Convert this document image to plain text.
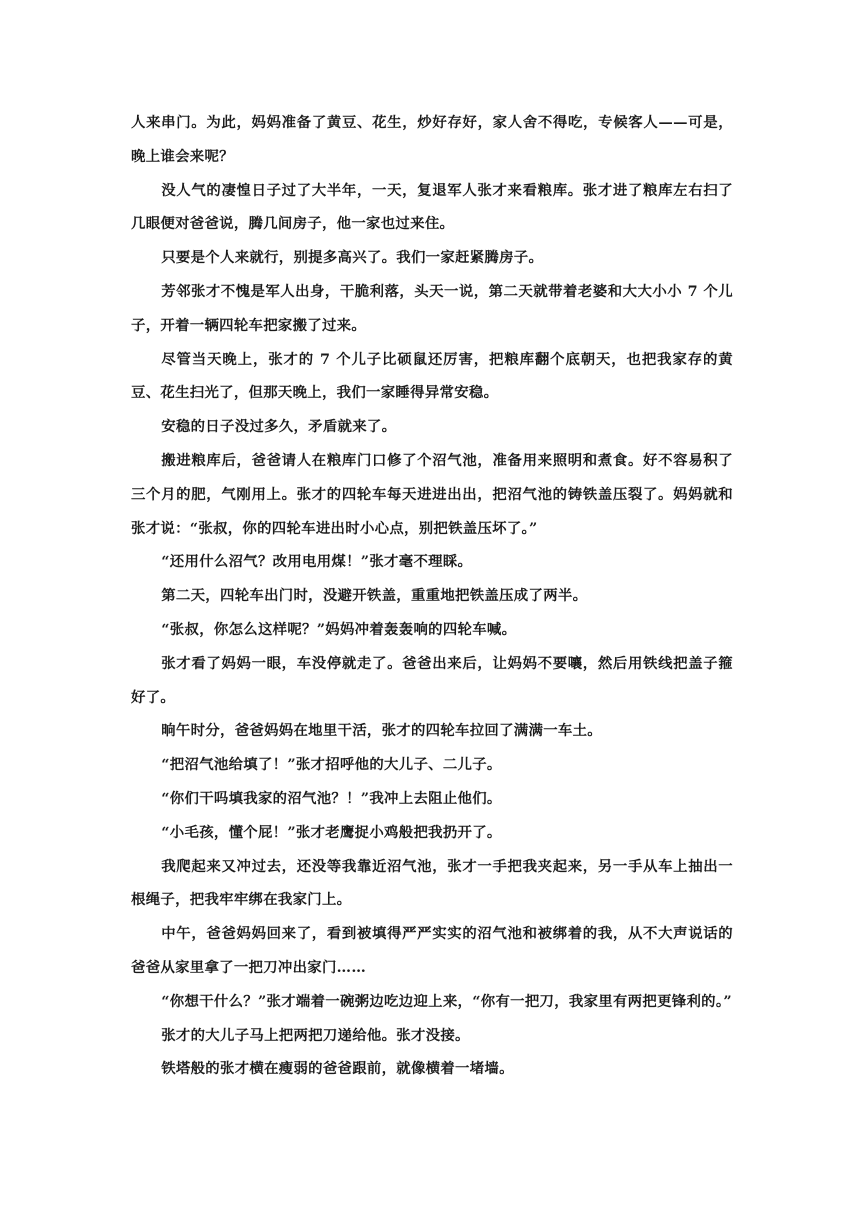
人来串门。为此，妈妈准备了黄豆、花生，炒好存好，家人舍不得吃，专候客人——可是，晚上谁会来呢？

没人气的凄惶日子过了大半年，一天，复退军人张才来看粮库。张才进了粮库左右扫了几眼便对爸爸说，腾几间房子，他一家也过来住。

只要是个人来就行，别提多高兴了。我们一家赶紧腾房子。

芳邻张才不愧是军人出身，干脆利落，头天一说，第二天就带着老婆和大大小小 7 个儿子，开着一辆四轮车把家搬了过来。

尽管当天晚上，张才的 7 个儿子比硕鼠还厉害，把粮库翻个底朝天，也把我家存的黄豆、花生扫光了，但那天晚上，我们一家睡得异常安稳。

安稳的日子没过多久，矛盾就来了。

搬进粮库后，爸爸请人在粮库门口修了个沼气池，准备用来照明和煮食。好不容易积了三个月的肥，气刚用上。张才的四轮车每天进进出出，把沼气池的铸铁盖压裂了。妈妈就和张才说：“张叔，你的四轮车进出时小心点，别把铁盖压坏了。”

“还用什么沼气？改用电用煤！”张才毫不理睬。

第二天，四轮车出门时，没避开铁盖，重重地把铁盖压成了两半。

“张叔，你怎么这样呢？”妈妈冲着轰轰响的四轮车喊。

张才看了妈妈一眼，车没停就走了。爸爸出来后，让妈妈不要嚷，然后用铁线把盖子箍好了。

晌午时分，爸爸妈妈在地里干活，张才的四轮车拉回了满满一车土。

“把沼气池给填了！”张才招呼他的大儿子、二儿子。

“你们干吗填我家的沼气池？！”我冲上去阻止他们。

“小毛孩，懂个屁！”张才老鹰捉小鸡般把我扔开了。

我爬起来又冲过去，还没等我靠近沼气池，张才一手把我夹起来，另一手从车上抽出一根绳子，把我牢牢绑在我家门上。

中午，爸爸妈妈回来了，看到被填得严严实实的沼气池和被绑着的我，从不大声说话的爸爸从家里拿了一把刀冲出家门……

“你想干什么？”张才端着一碗粥边吃边迎上来，“你有一把刀，我家里有两把更锋利的。”

张才的大儿子马上把两把刀递给他。张才没接。

铁塔般的张才横在瘦弱的爸爸跟前，就像横着一堵墙。
